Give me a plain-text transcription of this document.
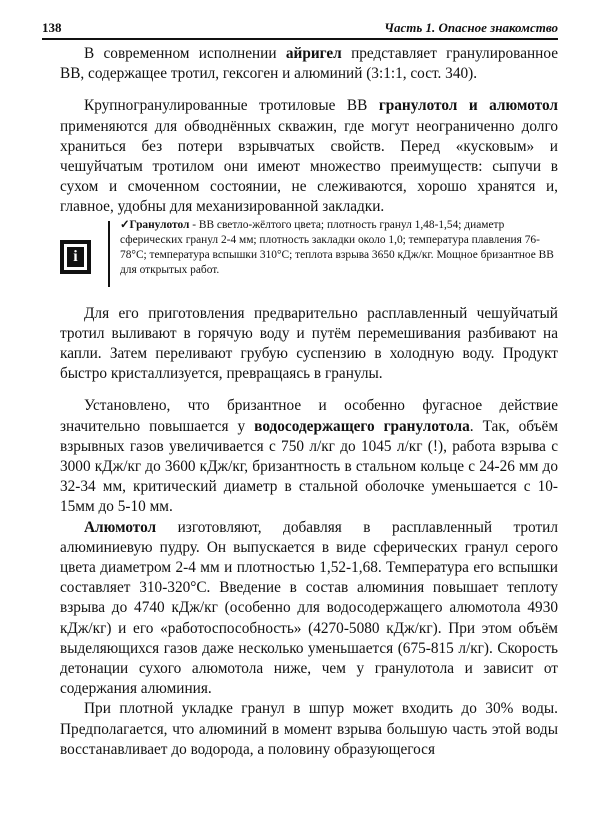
138	Часть 1. Опасное знакомство

В современном исполнении айригел представляет гранулированное ВВ, содержащее тротил, гексоген и алюминий (3:1:1, сост. 340).

Крупногранулированные тротиловые ВВ гранулотол и алюмотол применяются для обводнённых скважин, где могут неограниченно долго храниться без потери взрывчатых свойств. Перед «кусковым» и чешуйчатым тротилом они имеют множество преимуществ: сыпучи в сухом и смоченном состоянии, не слеживаются, хорошо хранятся и, главное, удобны для механизированной закладки.

i
✓Гранулотол - ВВ светло-жёлтого цвета; плотность гранул 1,48-1,54; диаметр сферических гранул 2-4 мм; плотность закладки около 1,0; температура плавления 76-78°С; температура вспышки 310°С; теплота взрыва 3650 кДж/кг. Мощное бризантное ВВ для открытых работ.

Для его приготовления предварительно расплавленный чешуйчатый тротил выливают в горячую воду и путём перемешивания разбивают на капли. Затем переливают грубую суспензию в холодную воду. Продукт быстро кристаллизуется, превращаясь в гранулы.

Установлено, что бризантное и особенно фугасное действие значительно повышается у водосодержащего гранулотола. Так, объём взрывных газов увеличивается с 750 л/кг до 1045 л/кг (!), работа взрыва с 3000 кДж/кг до 3600 кДж/кг, бризантность в стальном кольце с 24-26 мм до 32-34 мм, критический диаметр в стальной оболочке уменьшается с 10-15мм до 5-10 мм.

Алюмотол изготовляют, добавляя в расплавленный тротил алюминиевую пудру. Он выпускается в виде сферических гранул серого цвета диаметром 2-4 мм и плотностью 1,52-1,68. Температура его вспышки составляет 310-320°С. Введение в состав алюминия повышает теплоту взрыва до 4740 кДж/кг (особенно для водосодержащего алюмотола 4930 кДж/кг) и его «работоспособность» (4270-5080 кДж/кг). При этом объём выделяющихся газов даже несколько уменьшается (675-815 л/кг). Скорость детонации сухого алюмотола ниже, чем у гранулотола и зависит от содержания алюминия.

При плотной укладке гранул в шпур может входить до 30% воды. Предполагается, что алюминий в момент взрыва большую часть этой воды восстанавливает до водорода, а половину образующегося
